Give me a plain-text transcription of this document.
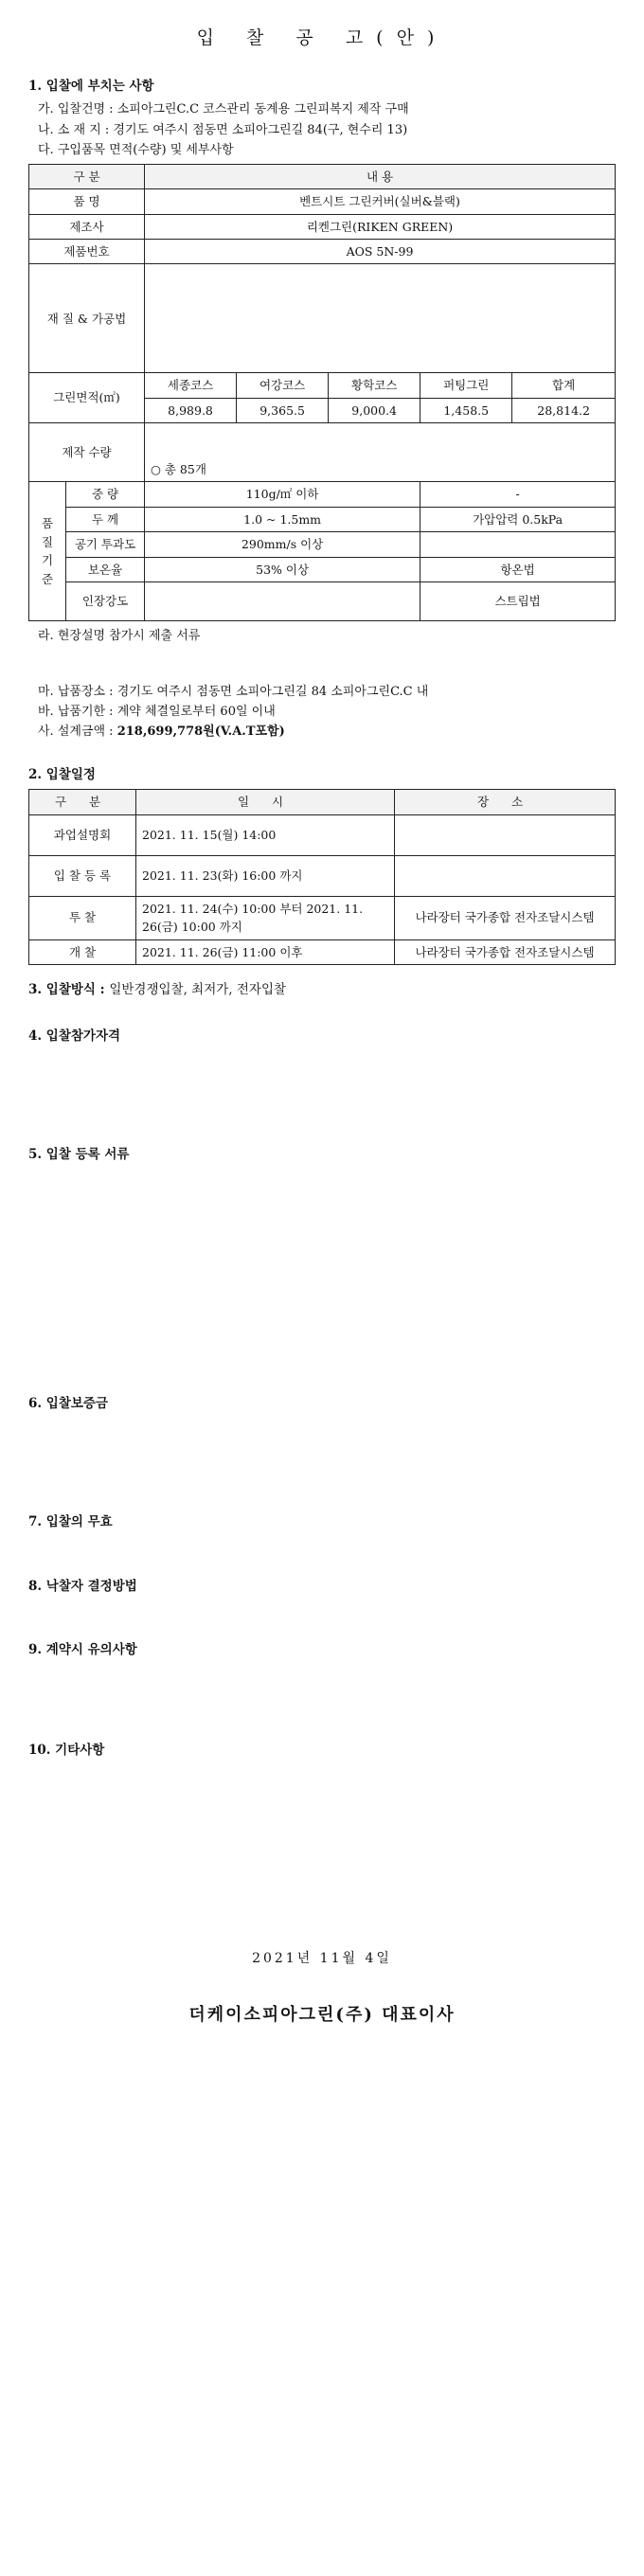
입 찰 공 고(안)
1. 입찰에 부치는 사항
가. 입찰건명 : 소피아그린C.C 코스관리 동계용 그린피복지 제작 구매
나. 소 재 지 : 경기도 여주시 점동면 소피아그린길 84(구, 현수리 13)
다. 구입품목 면적(수량) 및 세부사항
구 분		내 용				
품 명		벤트시트 그린커버(실버&블랙)				
제조사		리켄그린(RIKEN GREEN)				
제품번호		AOS 5N-99				
재 질 & 가공법						

그린면적(㎡)		세종코스	여강코스	황학코스	퍼팅그린	합계
		8,989.8	9,365.5	9,000.4	1,458.5	28,814.2
제작 수량		○ 총 85개				

품 질 기 준	중 량	110g/㎡ 이하			-	
	두 께	1.0 ~ 1.5mm			가압압력 0.5kPa	
	공기 투과도	290mm/s 이상				
	보온율	53% 이상			항온법	
	인장강도				스트립법	
라. 현장설명 참가시 제출 서류
마. 납품장소 : 경기도 여주시 점동면 소피아그린길 84 소피아그린C.C 내
바. 납품기한 : 계약 체결일로부터 60일 이내
사. 설계금액 : 218,699,778원(V.A.T포함)
2. 입찰일정
구 분	일 시	장 소
과업설명회	2021. 11. 15(월) 14:00	
입 찰 등 록	2021. 11. 23(화) 16:00 까지	
투 찰	2021. 11. 24(수) 10:00 부터 2021. 11. 26(금) 10:00 까지	나라장터 국가종합 전자조달시스템
개 찰	2021. 11. 26(금) 11:00 이후	나라장터 국가종합 전자조달시스템
3. 입찰방식 : 일반경쟁입찰, 최저가, 전자입찰
4. 입찰참가자격
5. 입찰 등록 서류
6. 입찰보증금
7. 입찰의 무효
8. 낙찰자 결정방법
9. 계약시 유의사항
10. 기타사항
2021년 11월 4일
더케이소피아그린(주) 대표이사
